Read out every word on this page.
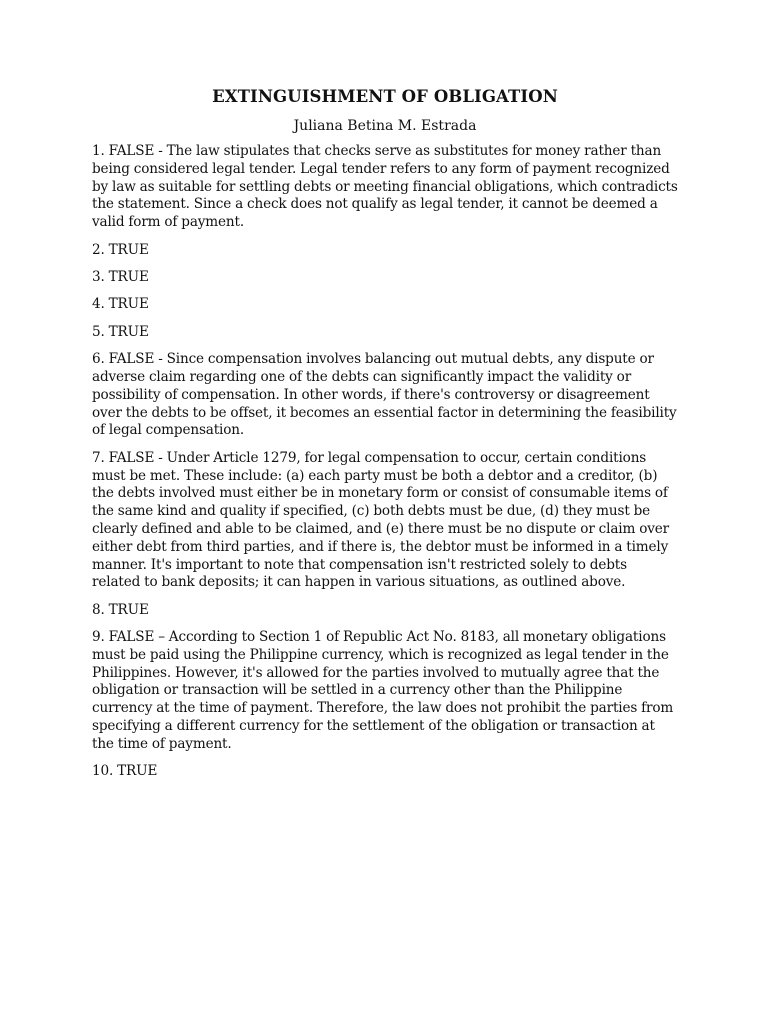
EXTINGUISHMENT OF OBLIGATION
Juliana Betina M. Estrada
1. FALSE - The law stipulates that checks serve as substitutes for money rather than being considered legal tender. Legal tender refers to any form of payment recognized by law as suitable for settling debts or meeting financial obligations, which contradicts the statement. Since a check does not qualify as legal tender, it cannot be deemed a valid form of payment.
2. TRUE
3. TRUE
4. TRUE
5. TRUE
6. FALSE - Since compensation involves balancing out mutual debts, any dispute or adverse claim regarding one of the debts can significantly impact the validity or possibility of compensation. In other words, if there's controversy or disagreement over the debts to be offset, it becomes an essential factor in determining the feasibility of legal compensation.
7. FALSE - Under Article 1279, for legal compensation to occur, certain conditions must be met. These include: (a) each party must be both a debtor and a creditor, (b) the debts involved must either be in monetary form or consist of consumable items of the same kind and quality if specified, (c) both debts must be due, (d) they must be clearly defined and able to be claimed, and (e) there must be no dispute or claim over either debt from third parties, and if there is, the debtor must be informed in a timely manner. It's important to note that compensation isn't restricted solely to debts related to bank deposits; it can happen in various situations, as outlined above.
8. TRUE
9. FALSE – According to Section 1 of Republic Act No. 8183, all monetary obligations must be paid using the Philippine currency, which is recognized as legal tender in the Philippines. However, it's allowed for the parties involved to mutually agree that the obligation or transaction will be settled in a currency other than the Philippine currency at the time of payment. Therefore, the law does not prohibit the parties from specifying a different currency for the settlement of the obligation or transaction at the time of payment.
10. TRUE
